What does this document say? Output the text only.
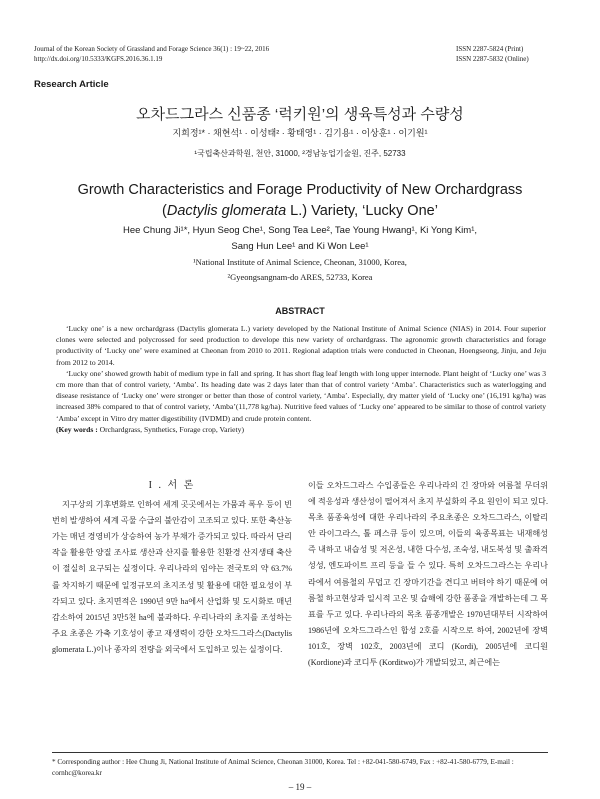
Journal of the Korean Society of Grassland and Forage Science 36(1) : 19~22, 2016
http://dx.doi.org/10.5333/KGFS.2016.36.1.19
ISSN 2287-5824 (Print)
ISSN 2287-5832 (Online)
Research Article
오차드그라스 신품종 ‘럭키원’의 생육특성과 수량성
지희정¹* · 채현석¹ · 이성태² · 황태영¹ · 김기용¹ · 이상훈¹ · 이기원¹
¹국립축산과학원, 천안, 31000, ²경남농업기술원, 진주, 52733
Growth Characteristics and Forage Productivity of New Orchardgrass
(Dactylis glomerata L.) Variety, ‘Lucky One’
Hee Chung Ji¹*, Hyun Seog Che¹, Song Tea Lee², Tae Young Hwang¹, Ki Yong Kim¹,
Sang Hun Lee¹ and Ki Won Lee¹
¹National Institute of Animal Science, Cheonan, 31000, Korea,
²Gyeongsangnam-do ARES, 52733, Korea
ABSTRACT

‘Lucky one’ is a new orchardgrass (Dactylis glomerata L.) variety developed by the National Institute of Animal Science (NIAS) in 2014. Four superior clones were selected and polycrossed for seed production to develope this new variety of orchardgrass. The agronomic growth characteristics and forage productivity of ‘Lucky one’ were examined at Cheonan from 2010 to 2011. Regional adaption trials were conducted in Cheonan, Hoengseong, Jinju, and Jeju from 2012 to 2014.

‘Lucky one’ showed growth habit of medium type in fall and spring. It has short flag leaf length with long upper internode. Plant height of ‘Lucky one’ was 3 cm more than that of control variety, ‘Amba’. Its heading date was 2 days later than that of control variety ‘Amba’. Characteristics such as waterlogging and disease resistance of ‘Lucky one’ were stronger or better than those of control variety, ‘Amba’. Especially, dry matter yield of ‘Lucky one’ (16,191 kg/ha) was increased 38% compared to that of control variety, ‘Amba’(11,778 kg/ha). Nutritive feed values of ‘Lucky one’ appeared to be similar to those of control variety ‘Amba’ except in Vitro dry matter digestibility (IVDMD) and crude protein content.

(Key words : Orchardgrass, Synthetics, Forage crop, Variety)
I . 서 론

지구상의 기후변화로 인하여 세계 곳곳에서는 가뭄과 폭우 등이 빈번히 발생하여 세계 곡물 수급의 불안감이 고조되고 있다. 또한 축산농가는 매년 경영비가 상승하여 농가 부채가 증가되고 있다. 따라서 단리작을 활용한 양질 조사료 생산과 산지를 활용한 친환경 산지생태 축산이 절실히 요구되는 실정이다. 우리나라의 임야는 전국토의 약 63.7%를 차지하기 때문에 일정규모의 초지조성 및 활용에 대한 필요성이 부각되고 있다. 초지면적은 1990년 9만 ha에서 산업화 및 도시화로 매년 감소하여 2015년 3만5천 ha에 불과하다. 우리나라의 초지를 조성하는 주요 초종은 가축 기호성이 좋고 재생력이 강한 오차드그라스(Dactylis glomerata L.)이나 종자의 전량을 외국에서 도입하고 있는 실정이다.

이들 오차드그라스 수입종들은 우리나라의 긴 장마와 여름철 무더위에 적응성과 생산성이 떨어져서 초지 부실화의 주요 원인이 되고 있다. 목초 품종육성에 대한 우리나라의 주요초종은 오차드그라스, 이탈리안 라이그라스, 톨 페스큐 등이 있으며, 이들의 육종목표는 내재해성 즉 내하고 내습성 및 저온성, 내한 다수성, 조숙성, 내도복성 및 출좌격성성, 엔도파이트 프리 등을 들 수 있다. 특히 오차드그라스는 우리나라에서 여름철의 무덥고 긴 장마기간을 견디고 버텨야 하기 때문에 여름철 하고현상과 일시적 고온 및 습해에 강한 품종을 개발하는데 그 목표를 두고 있다. 우리나라의 목초 품종개발은 1970년대부터 시작하여 1986년에 오차드그라스인 합성 2호를 시작으로 하여, 2002년에 장벽 101호, 장벽 102호, 2003년에 코디 (Kordi), 2005년에 코디원 (Kordione)과 코디투 (Korditwo)가 개발되었고, 최근에는

* Corresponding author : Hee Chung Ji, National Institute of Animal Science, Cheonan 31000, Korea. Tel : +82-041-580-6749, Fax : +82-41-580-6779, E-mail : cornhc@korea.kr
– 19 –
